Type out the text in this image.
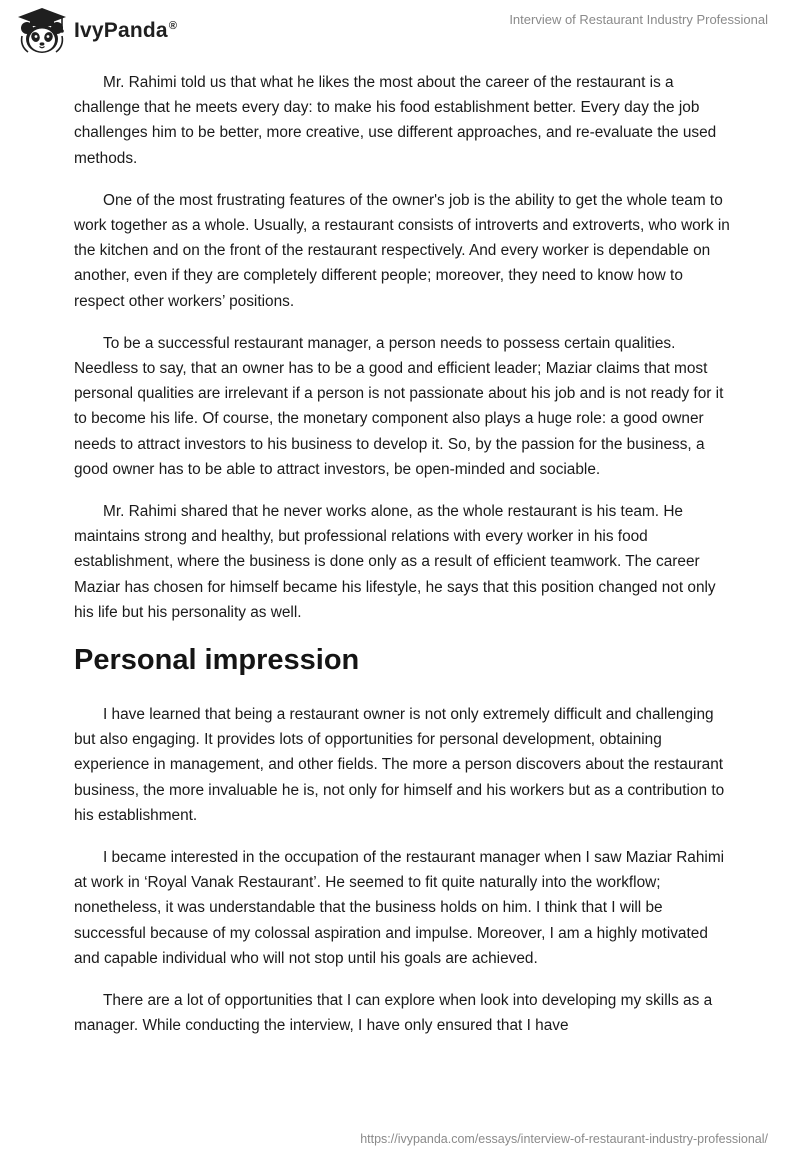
IvyPanda®	Interview of Restaurant Industry Professional

Mr. Rahimi told us that what he likes the most about the career of the restaurant is a challenge that he meets every day: to make his food establishment better. Every day the job challenges him to be better, more creative, use different approaches, and re-evaluate the used methods.

One of the most frustrating features of the owner's job is the ability to get the whole team to work together as a whole. Usually, a restaurant consists of introverts and extroverts, who work in the kitchen and on the front of the restaurant respectively. And every worker is dependable on another, even if they are completely different people; moreover, they need to know how to respect other workers’ positions.

To be a successful restaurant manager, a person needs to possess certain qualities. Needless to say, that an owner has to be a good and efficient leader; Maziar claims that most personal qualities are irrelevant if a person is not passionate about his job and is not ready for it to become his life. Of course, the monetary component also plays a huge role: a good owner needs to attract investors to his business to develop it. So, by the passion for the business, a good owner has to be able to attract investors, be open-minded and sociable.

Mr. Rahimi shared that he never works alone, as the whole restaurant is his team. He maintains strong and healthy, but professional relations with every worker in his food establishment, where the business is done only as a result of efficient teamwork. The career Maziar has chosen for himself became his lifestyle, he says that this position changed not only his life but his personality as well.

Personal impression

I have learned that being a restaurant owner is not only extremely difficult and challenging but also engaging. It provides lots of opportunities for personal development, obtaining experience in management, and other fields. The more a person discovers about the restaurant business, the more invaluable he is, not only for himself and his workers but as a contribution to his establishment.

I became interested in the occupation of the restaurant manager when I saw Maziar Rahimi at work in ‘Royal Vanak Restaurant’. He seemed to fit quite naturally into the workflow; nonetheless, it was understandable that the business holds on him. I think that I will be successful because of my colossal aspiration and impulse. Moreover, I am a highly motivated and capable individual who will not stop until his goals are achieved.

There are a lot of opportunities that I can explore when look into developing my skills as a manager. While conducting the interview, I have only ensured that I have

https://ivypanda.com/essays/interview-of-restaurant-industry-professional/
